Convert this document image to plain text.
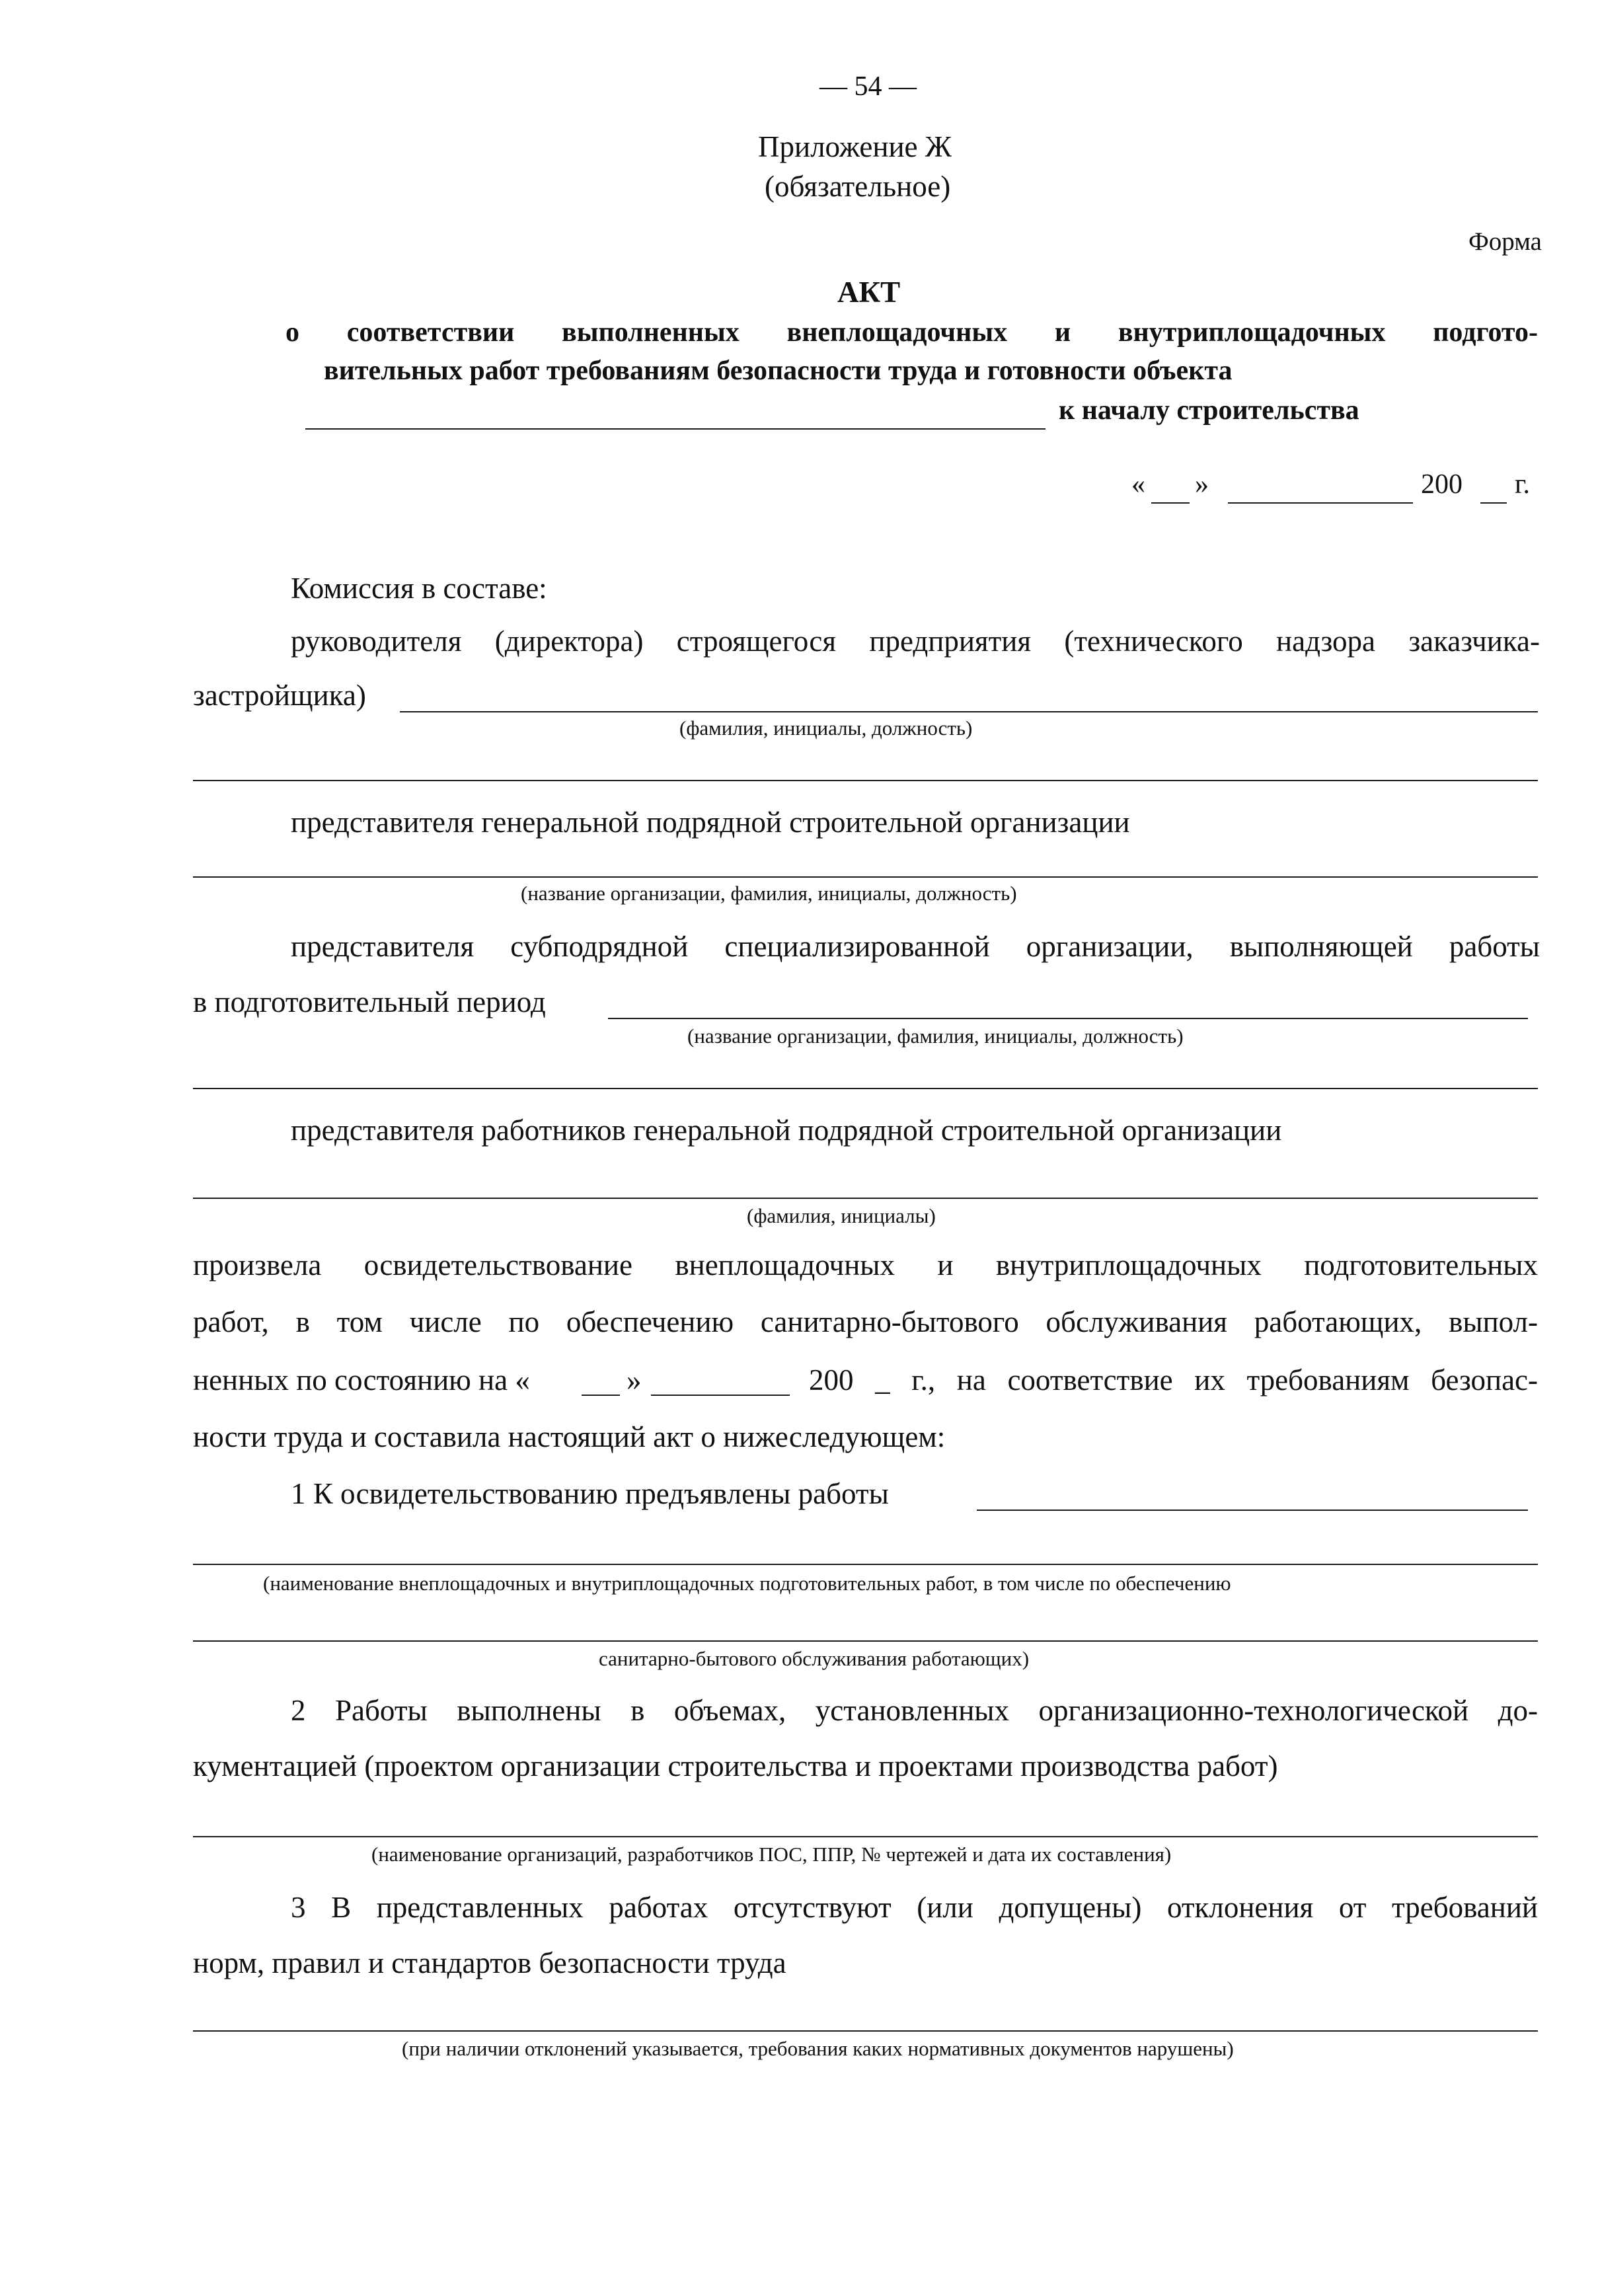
— 54 —
Приложение Ж
(обязательное)
Форма
АКТ
о соответствии выполненных внеплощадочных и внутриплощадочных подгото-
вительных работ требованиям безопасности труда и готовности объекта
к началу строительства
« »	200 г.
Комиссия в составе:
руководителя (директора) строящегося предприятия (технического надзора заказчика-
застройщика)
(фамилия, инициалы, должность)
представителя генеральной подрядной строительной организации
(название организации, фамилия, инициалы, должность)
представителя субподрядной специализированной организации, выполняющей работы
в подготовительный период
(название организации, фамилия, инициалы, должность)
представителя работников генеральной подрядной строительной организации
(фамилия, инициалы)
произвела освидетельствование внеплощадочных и внутриплощадочных подготовительных
работ, в том числе по обеспечению санитарно-бытового обслуживания работающих, выпол-
ненных по состоянию на «	»	200 _ г., на соответствие их требованиям безопас-
ности труда и составила настоящий акт о нижеследующем:
1 К освидетельствованию предъявлены работы
(наименование внеплощадочных и внутриплощадочных подготовительных работ, в том числе по обеспечению
санитарно-бытового обслуживания работающих)
2 Работы выполнены в объемах, установленных организационно-технологической до-
кументацией (проектом организации строительства и проектами производства работ)
(наименование организаций, разработчиков ПОС, ППР, № чертежей и дата их составления)
3 В представленных работах отсутствуют (или допущены) отклонения от требований
норм, правил и стандартов безопасности труда
(при наличии отклонений указывается, требования каких нормативных документов нарушены)
